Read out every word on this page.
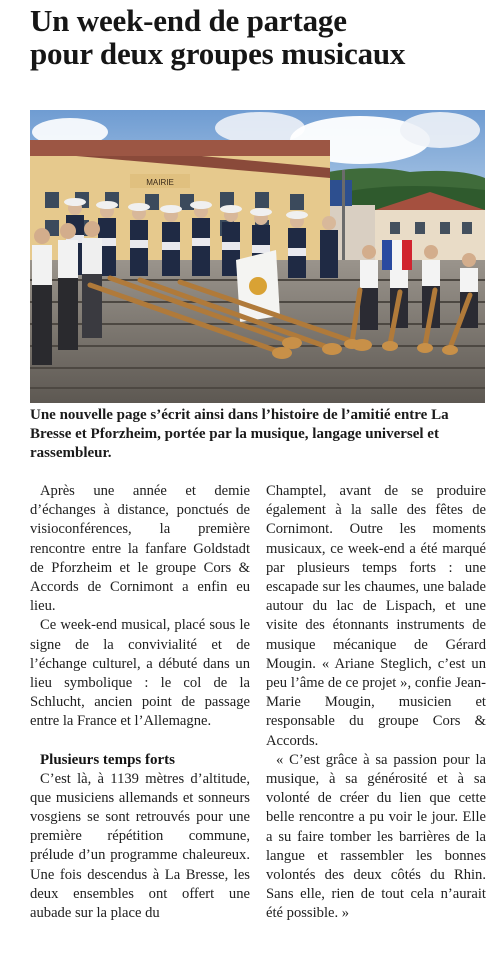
Un week-end de partage
pour deux groupes musicaux
MAIRIE

Une nouvelle page s’écrit ainsi dans l’histoire de l’amitié entre La Bresse et Pforzheim, portée par la musique, langage universel et rassembleur.

Après une année et demie d’échanges à distance, ponctués de visioconférences, la première rencontre entre la fanfare Goldstadt de Pforzheim et le groupe Cors & Accords de Cornimont a enfin eu lieu.

Ce week-end musical, placé sous le signe de la convivialité et de l’échange culturel, a débuté dans un lieu symbolique : le col de la Schlucht, ancien point de passage entre la France et l’Allemagne.

Plusieurs temps forts

C’est là, à 1139 mètres d’altitude, que musiciens allemands et sonneurs vosgiens se sont retrouvés pour une première répétition commune, prélude d’un programme chaleureux. Une fois descendus à La Bresse, les deux ensembles ont offert une aubade sur la place du

Champtel, avant de se produire également à la salle des fêtes de Cornimont. Outre les moments musicaux, ce week-end a été marqué par plusieurs temps forts : une escapade sur les chaumes, une balade autour du lac de Lispach, et une visite des étonnants instruments de musique mécanique de Gérard Mougin. « Ariane Steglich, c’est un peu l’âme de ce projet », confie Jean-Marie Mougin, musicien et responsable du groupe Cors & Accords.

« C’est grâce à sa passion pour la musique, à sa générosité et à sa volonté de créer du lien que cette belle rencontre a pu voir le jour. Elle a su faire tomber les barrières de la langue et rassembler les bonnes volontés des deux côtés du Rhin. Sans elle, rien de tout cela n’aurait été possible. »
